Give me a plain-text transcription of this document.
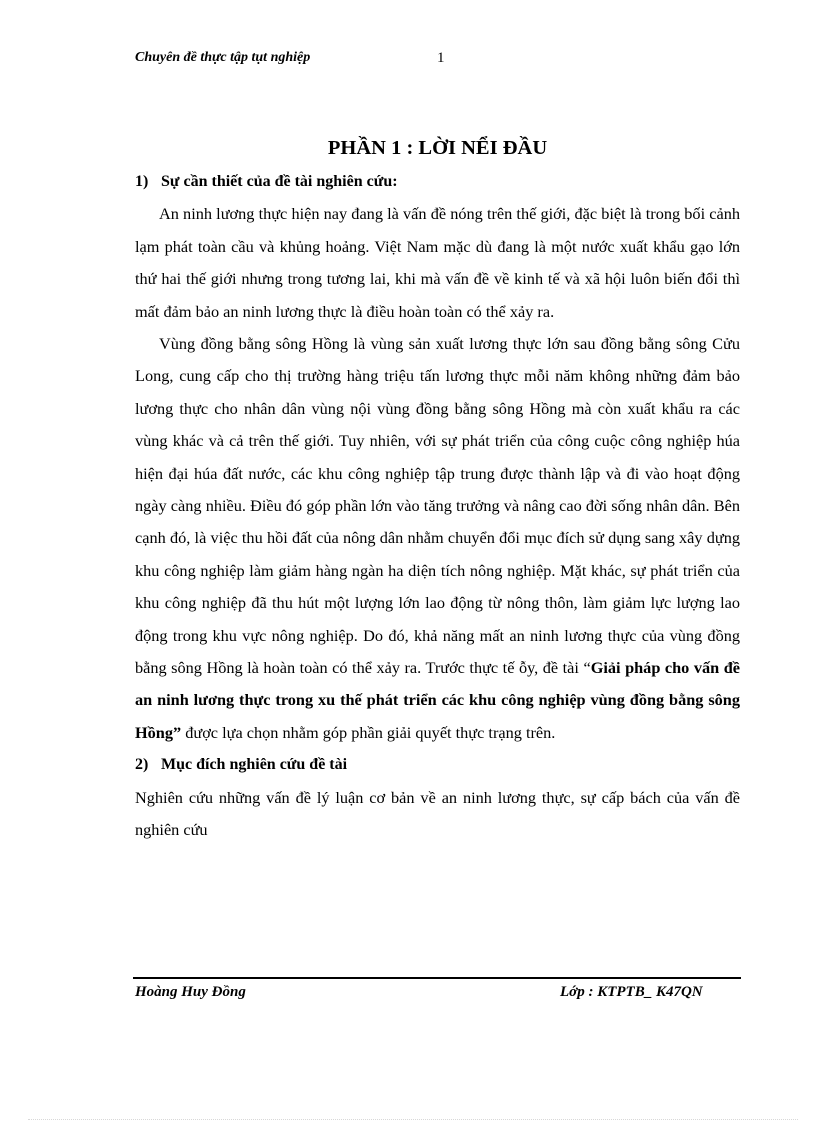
Chuyên đề thực tập tụt nghiệp	1
PHẦN 1 : LỜI NỂI ĐẦU
1) Sự cần thiết của đề tài nghiên cứu:

An ninh lương thực hiện nay đang là vấn đề nóng trên thế giới, đặc biệt là trong bối cảnh lạm phát toàn cầu và khủng hoảng. Việt Nam mặc dù đang là một nước xuất khẩu gạo lớn thứ hai thế giới nhưng trong tương lai, khi mà vấn đề về kinh tế và xã hội luôn biến đổi thì mất đảm bảo an ninh lương thực là điều hoàn toàn có thể xảy ra.

Vùng đồng bằng sông Hồng là vùng sản xuất lương thực lớn sau đồng bằng sông Cửu Long, cung cấp cho thị trường hàng triệu tấn lương thực mỗi năm không những đảm bảo lương thực cho nhân dân vùng nội vùng đồng bằng sông Hồng mà còn xuất khẩu ra các vùng khác và cả trên thế giới. Tuy nhiên, với sự phát triển của công cuộc công nghiệp húa hiện đại húa đất nước, các khu công nghiệp tập trung được thành lập và đi vào hoạt động ngày càng nhiều. Điều đó góp phần lớn vào tăng trưởng và nâng cao đời sống nhân dân. Bên cạnh đó, là việc thu hồi đất của nông dân nhằm chuyển đổi mục đích sử dụng sang xây dựng khu công nghiệp làm giảm hàng ngàn ha diện tích nông nghiệp. Mặt khác, sự phát triển của khu công nghiệp đã thu hút một lượng lớn lao động từ nông thôn, làm giảm lực lượng lao động trong khu vực nông nghiệp. Do đó, khả năng mất an ninh lương thực của vùng đồng bằng sông Hồng là hoàn toàn có thể xảy ra. Trước thực tế ỗy, đề tài “Giải pháp cho vấn đề an ninh lương thực trong xu thế phát triển các khu công nghiệp vùng đồng bằng sông Hồng” được lựa chọn nhằm góp phần giải quyết thực trạng trên.

2) Mục đích nghiên cứu đề tài

Nghiên cứu những vấn đề lý luận cơ bản về an ninh lương thực, sự cấp bách của vấn đề nghiên cứu

Hoàng Huy Đồng	Lớp : KTPTB_ K47QN
